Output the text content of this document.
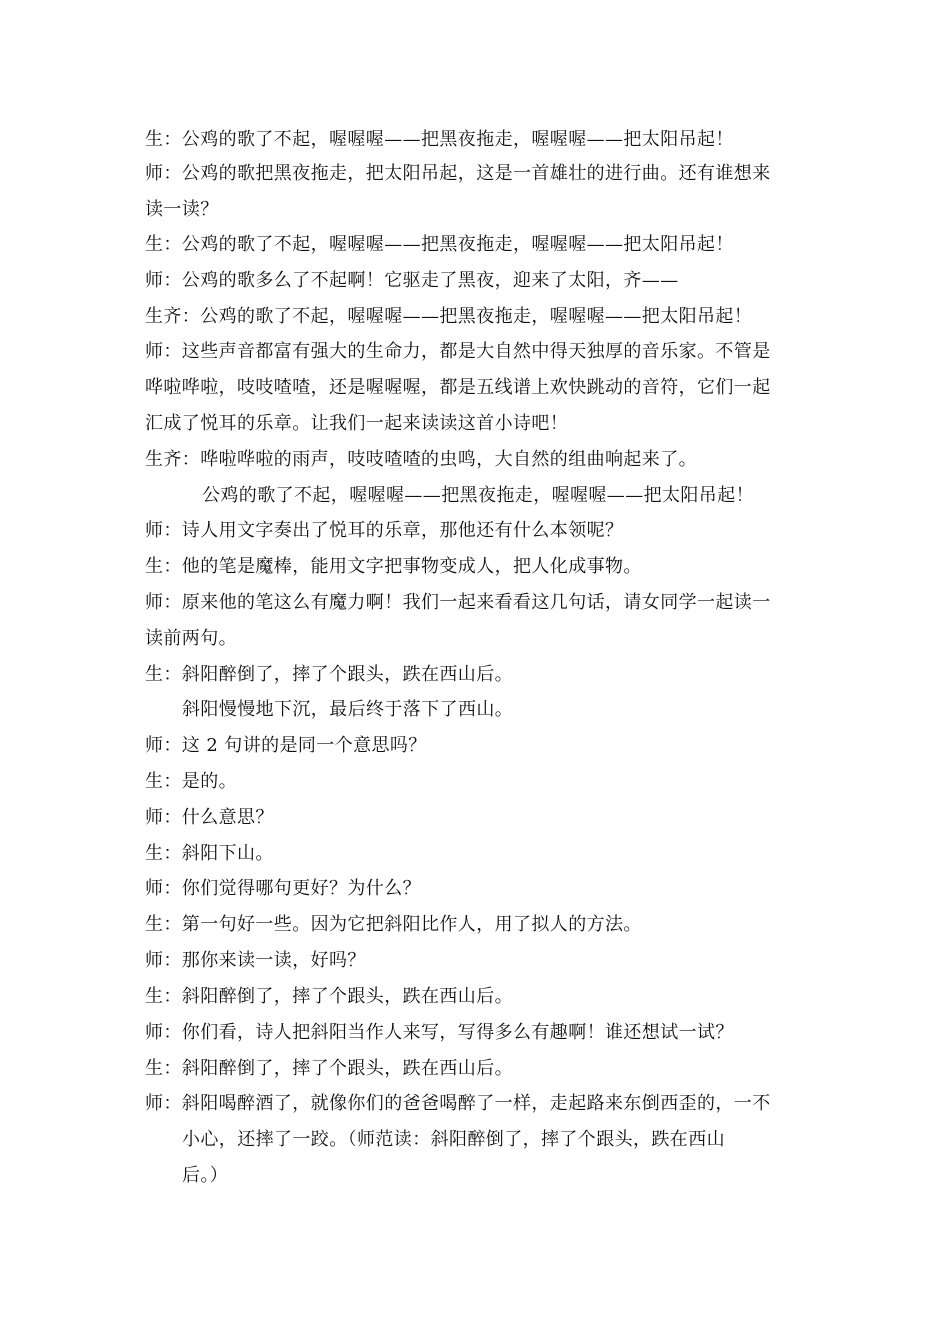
生：公鸡的歌了不起，喔喔喔——把黑夜拖走，喔喔喔——把太阳吊起！
师：公鸡的歌把黑夜拖走，把太阳吊起，这是一首雄壮的进行曲。还有谁想来
读一读？
生：公鸡的歌了不起，喔喔喔——把黑夜拖走，喔喔喔——把太阳吊起！
师：公鸡的歌多么了不起啊！它驱走了黑夜，迎来了太阳，齐——
生齐：公鸡的歌了不起，喔喔喔——把黑夜拖走，喔喔喔——把太阳吊起！
师：这些声音都富有强大的生命力，都是大自然中得天独厚的音乐家。不管是
哗啦哗啦，吱吱喳喳，还是喔喔喔，都是五线谱上欢快跳动的音符，它们一起
汇成了悦耳的乐章。让我们一起来读读这首小诗吧！
生齐：哗啦哗啦的雨声，吱吱喳喳的虫鸣，大自然的组曲响起来了。
公鸡的歌了不起，喔喔喔——把黑夜拖走，喔喔喔——把太阳吊起！
师：诗人用文字奏出了悦耳的乐章，那他还有什么本领呢？
生：他的笔是魔棒，能用文字把事物变成人，把人化成事物。
师：原来他的笔这么有魔力啊！我们一起来看看这几句话，请女同学一起读一
读前两句。
生：斜阳醉倒了，摔了个跟头，跌在西山后。
斜阳慢慢地下沉，最后终于落下了西山。
师：这 2 句讲的是同一个意思吗？
生：是的。
师：什么意思？
生：斜阳下山。
师：你们觉得哪句更好？为什么？
生：第一句好一些。因为它把斜阳比作人，用了拟人的方法。
师：那你来读一读，好吗？
生：斜阳醉倒了，摔了个跟头，跌在西山后。
师：你们看，诗人把斜阳当作人来写，写得多么有趣啊！谁还想试一试？
生：斜阳醉倒了，摔了个跟头，跌在西山后。
师：斜阳喝醉酒了，就像你们的爸爸喝醉了一样，走起路来东倒西歪的，一不
小心，还摔了一跤。（师范读：斜阳醉倒了，摔了个跟头，跌在西山
后。）
